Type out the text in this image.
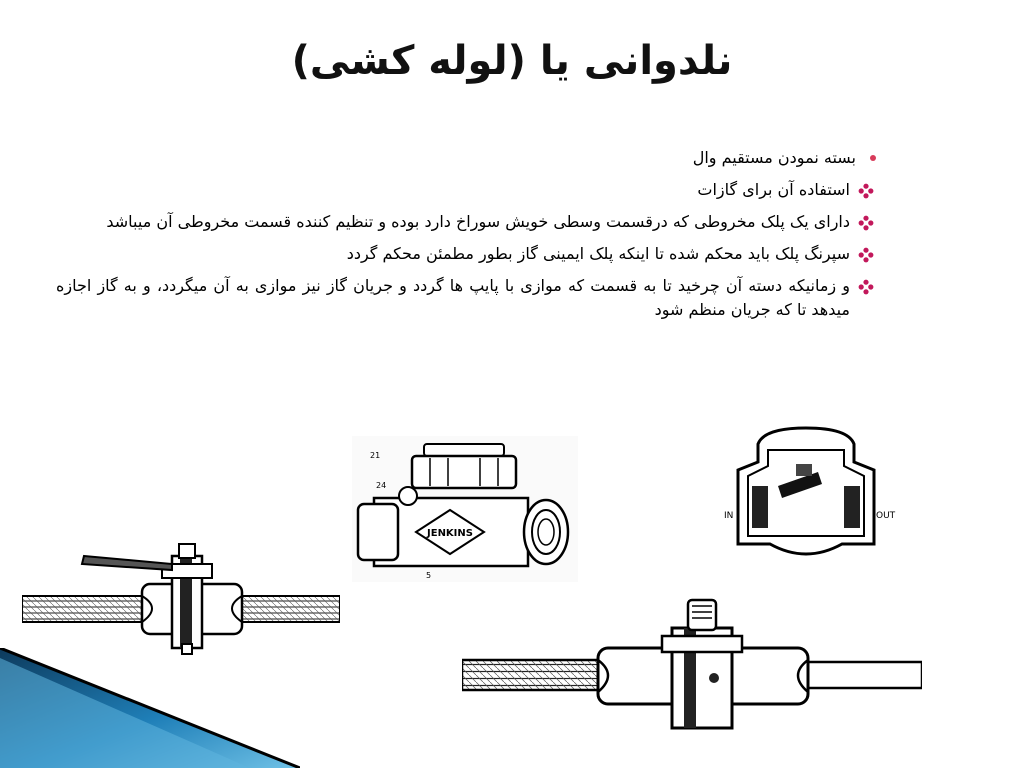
نلدوانی یا (لوله کشی)
بسته نمودن مستقیم وال
استفاده آن برای گازات
دارای یک پلک مخروطی که درقسمت وسطی خویش سوراخ دارد بوده و تنظیم کننده قسمت مخروطی آن میباشد
سپرنگ پلک باید محکم شده تا اینکه پلک ایمینی گاز بطور مطمئن محکم گردد
و زمانیکه دسته آن چرخید تا به قسمت که موازی با پایپ ها گردد و جریان گاز نیز موازی به آن میگردد، و به گاز اجازه میدهد تا که جریان منظم شود
JENKINS
21
24
5
IN	OUT
